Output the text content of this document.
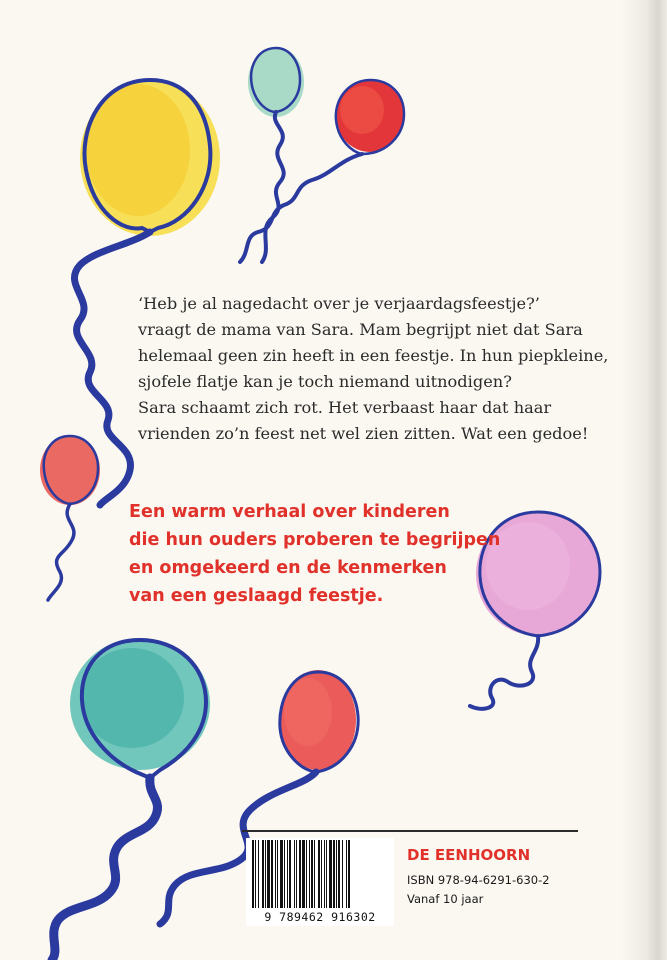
‘Heb je al nagedacht over je verjaardagsfeestje?’
vraagt de mama van Sara. Mam begrijpt niet dat Sara
helemaal geen zin heeft in een feestje. In hun piepkleine,
sjofele flatje kan je toch niemand uitnodigen?
Sara schaamt zich rot. Het verbaast haar dat haar
vrienden zo’n feest net wel zien zitten. Wat een gedoe!
Een warm verhaal over kinderen
die hun ouders proberen te begrijpen
en omgekeerd en de kenmerken
van een geslaagd feestje.
9 789462 916302
DE EENHOORN
ISBN 978-94-6291-630-2
Vanaf 10 jaar
